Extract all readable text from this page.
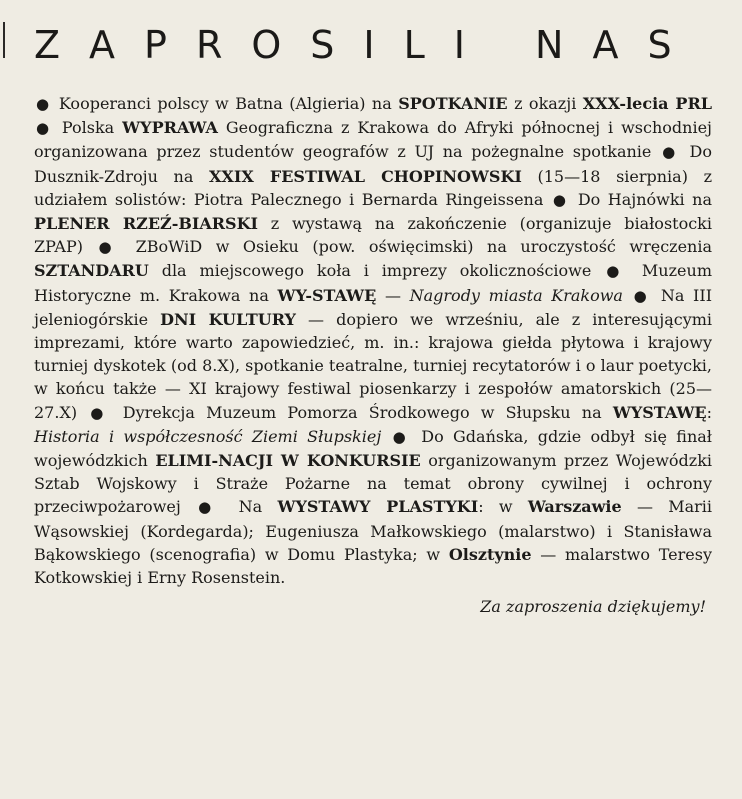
ZAPROSILI NAS

● Kooperanci polscy w Batna (Algieria) na SPOTKANIE z okazji XXX-lecia PRL ● Polska WYPRAWA Geograficzna z Krakowa do Afryki północnej i wschodniej organizowana przez studentów geografów z UJ na pożegnalne spotkanie ● Do Dusznik-Zdroju na XXIX FESTIWAL CHOPINOWSKI (15—18 sierpnia) z udziałem solistów: Piotra Palecznego i Bernarda Ringeissena ● Do Hajnówki na PLENER RZEŹ-BIARSKI z wystawą na zakończenie (organizuje białostocki ZPAP) ● ZBoWiD w Osieku (pow. oświęcimski) na uroczystość wręczenia SZTANDARU dla miejscowego koła i imprezy okolicznościowe ● Muzeum Historyczne m. Krakowa na WY-STAWĘ — Nagrody miasta Krakowa ● Na III jeleniogórskie DNI KULTURY — dopiero we wrześniu, ale z interesującymi imprezami, które warto zapowiedzieć, m. in.: krajowa giełda płytowa i krajowy turniej dyskotek (od 8.X), spotkanie teatralne, turniej recytatorów i o laur poetycki, w końcu także — XI krajowy festiwal piosenkarzy i zespołów amatorskich (25—27.X) ● Dyrekcja Muzeum Pomorza Środkowego w Słupsku na WYSTAWĘ: Historia i współczesność Ziemi Słupskiej ● Do Gdańska, gdzie odbył się finał wojewódzkich ELIMI-NACJI W KONKURSIE organizowanym przez Wojewódzki Sztab Wojskowy i Straże Pożarne na temat obrony cywilnej i ochrony przeciwpożarowej ● Na WYSTAWY PLASTYKI: w Warszawie — Marii Wąsowskiej (Kordegarda); Eugeniusza Małkowskiego (malarstwo) i Stanisława Bąkowskiego (scenografia) w Domu Plastyka; w Olsztynie — malarstwo Teresy Kotkowskiej i Erny Rosenstein.

Za zaproszenia dziękujemy!
